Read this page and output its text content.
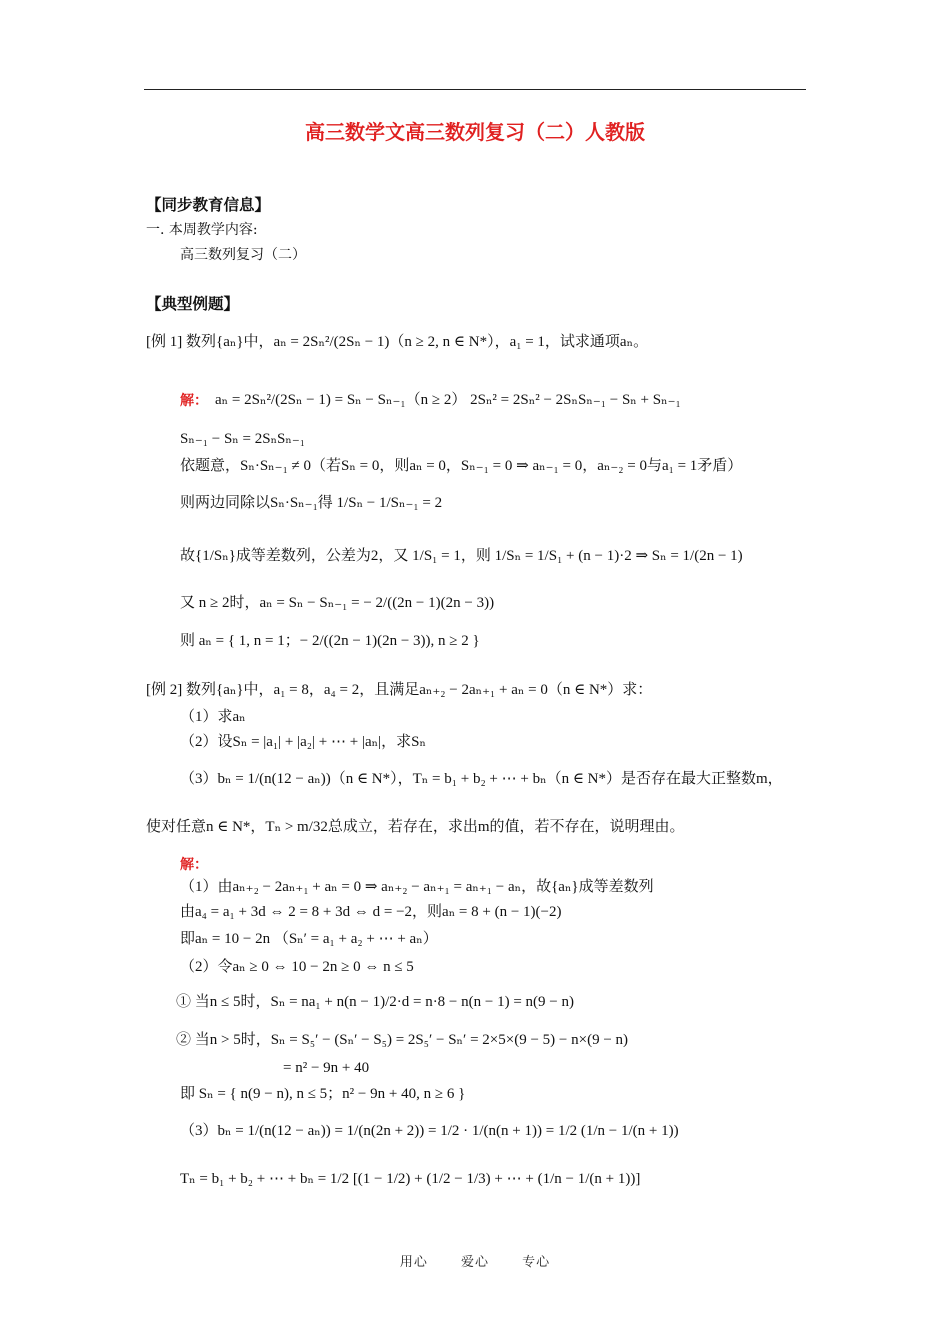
高三数学文高三数列复习（二）人教版
【同步教育信息】
一. 本周教学内容:
高三数列复习（二）
【典型例题】
[例 1] 数列{aₙ}中，aₙ = 2Sₙ²/(2Sₙ − 1)（n ≥ 2, n ∈ N*），a₁ = 1，试求通项aₙ。
解： aₙ = 2Sₙ²/(2Sₙ − 1) = Sₙ − Sₙ₋₁（n ≥ 2） 2Sₙ² = 2Sₙ² − 2SₙSₙ₋₁ − Sₙ + Sₙ₋₁
Sₙ₋₁ − Sₙ = 2SₙSₙ₋₁
依题意，Sₙ·Sₙ₋₁ ≠ 0（若Sₙ = 0，则aₙ = 0，Sₙ₋₁ = 0 ⇒ aₙ₋₁ = 0，aₙ₋₂ = 0与a₁ = 1矛盾）
则两边同除以Sₙ·Sₙ₋₁得 1/Sₙ − 1/Sₙ₋₁ = 2
故{1/Sₙ}成等差数列，公差为2，又 1/S₁ = 1，则 1/Sₙ = 1/S₁ + (n − 1)·2 ⇒ Sₙ = 1/(2n − 1)
又 n ≥ 2时，aₙ = Sₙ − Sₙ₋₁ = − 2/((2n − 1)(2n − 3))
则 aₙ = { 1, n = 1；− 2/((2n − 1)(2n − 3)), n ≥ 2 }
[例 2] 数列{aₙ}中，a₁ = 8，a₄ = 2，且满足aₙ₊₂ − 2aₙ₊₁ + aₙ = 0（n ∈ N*）求：
（1）求aₙ
（2）设Sₙ = |a₁| + |a₂| + ⋯ + |aₙ|，求Sₙ
（3）bₙ = 1/(n(12 − aₙ))（n ∈ N*），Tₙ = b₁ + b₂ + ⋯ + bₙ（n ∈ N*）是否存在最大正整数m，
使对任意n ∈ N*，Tₙ > m/32总成立，若存在，求出m的值，若不存在，说明理由。
解：
（1）由aₙ₊₂ − 2aₙ₊₁ + aₙ = 0 ⇒ aₙ₊₂ − aₙ₊₁ = aₙ₊₁ − aₙ，故{aₙ}成等差数列
由a₄ = a₁ + 3d ⇔ 2 = 8 + 3d ⇔ d = −2，则aₙ = 8 + (n − 1)(−2)
即aₙ = 10 − 2n （Sₙ′ = a₁ + a₂ + ⋯ + aₙ）
（2）令aₙ ≥ 0 ⇔ 10 − 2n ≥ 0 ⇔ n ≤ 5
① 当n ≤ 5时，Sₙ = na₁ + n(n − 1)/2·d = n·8 − n(n − 1) = n(9 − n)
② 当n > 5时，Sₙ = S₅′ − (Sₙ′ − S₅) = 2S₅′ − Sₙ′ = 2×5×(9 − 5) − n×(9 − n)
= n² − 9n + 40
即 Sₙ = { n(9 − n), n ≤ 5；n² − 9n + 40, n ≥ 6 }
（3）bₙ = 1/(n(12 − aₙ)) = 1/(n(2n + 2)) = 1/2 · 1/(n(n + 1)) = 1/2 (1/n − 1/(n + 1))
Tₙ = b₁ + b₂ + ⋯ + bₙ = 1/2 [(1 − 1/2) + (1/2 − 1/3) + ⋯ + (1/n − 1/(n + 1))]
用心	爱心	专心
